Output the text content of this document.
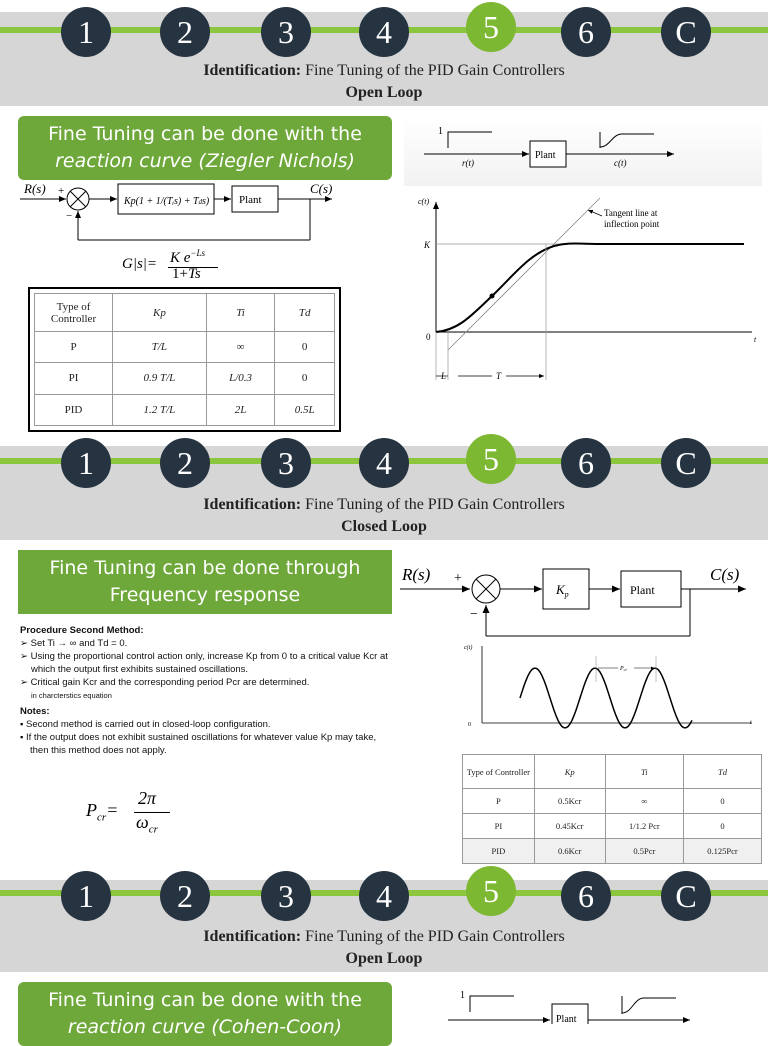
1	2	3	4	5	6	C
Identification: Fine Tuning of the PID Gain Controllers
Open Loop
Fine Tuning can be done with the
reaction curve (Ziegler Nichols)
R(s) +
−
Kp(1 + 1/(Tᵢs) + Tds)	Plant
C(s)
G|s|= K $e^{-Ls}$
1+Ts
Type of Controller	Kp	Ti	Td
P	T/L	∞	0
PI	0.9 T/L	L/0.3	0
PID	1.2 T/L	2L	0.5L
1
r(t)
Plant
c(t)
c(t)
t
K
0
Tangent line at
inflection point
L	T
1	2	3	4	5	6	C
Identification: Fine Tuning of the PID Gain Controllers
Closed Loop
Fine Tuning can be done through
Frequency response
Procedure Second Method:
➢ Set Ti → ∞ and Td = 0.
➢ Using the proportional control action only, increase Kp from 0 to a critical value Kcr at which the output first exhibits sustained oscillations.
➢ Critical gain Kcr and the corresponding period Pcr are determined.
in charcterstics equation
Notes:
▪ Second method is carried out in closed-loop configuration.
▪ If the output does not exhibit sustained oscillations for whatever value Kp may take, then this method does not apply.
$P_{cr}=$
2π
$\omega_{cr}$
R(s) +
−
$K_p$	Plant
C(s)
c(t)
0	t
Pcr
Type of Controller	Kp	Ti	Td
P	0.5Kcr	∞	0
PI	0.45Kcr	1/1.2 Pcr	0
PID	0.6Kcr	0.5Pcr	0.125Pcr
1	2	3	4	5	6	C
Identification: Fine Tuning of the PID Gain Controllers
Open Loop
Fine Tuning can be done with the
reaction curve (Cohen-Coon)
1
Plant
